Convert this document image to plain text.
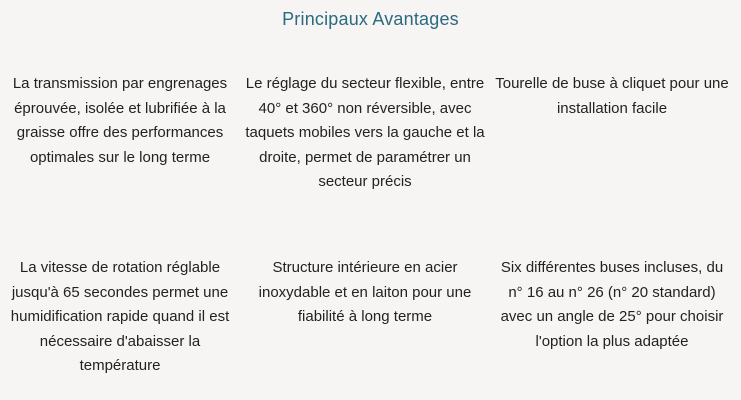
Principaux Avantages
La transmission par engrenages éprouvée, isolée et lubrifiée à la graisse offre des performances optimales sur le long terme
Le réglage du secteur flexible, entre 40° et 360° non réversible, avec taquets mobiles vers la gauche et la droite, permet de paramétrer un secteur précis
Tourelle de buse à cliquet pour une installation facile
La vitesse de rotation réglable jusqu'à 65 secondes permet une humidification rapide quand il est nécessaire d'abaisser la température
Structure intérieure en acier inoxydable et en laiton pour une fiabilité à long terme
Six différentes buses incluses, du n° 16 au n° 26 (n° 20 standard) avec un angle de 25° pour choisir l'option la plus adaptée
